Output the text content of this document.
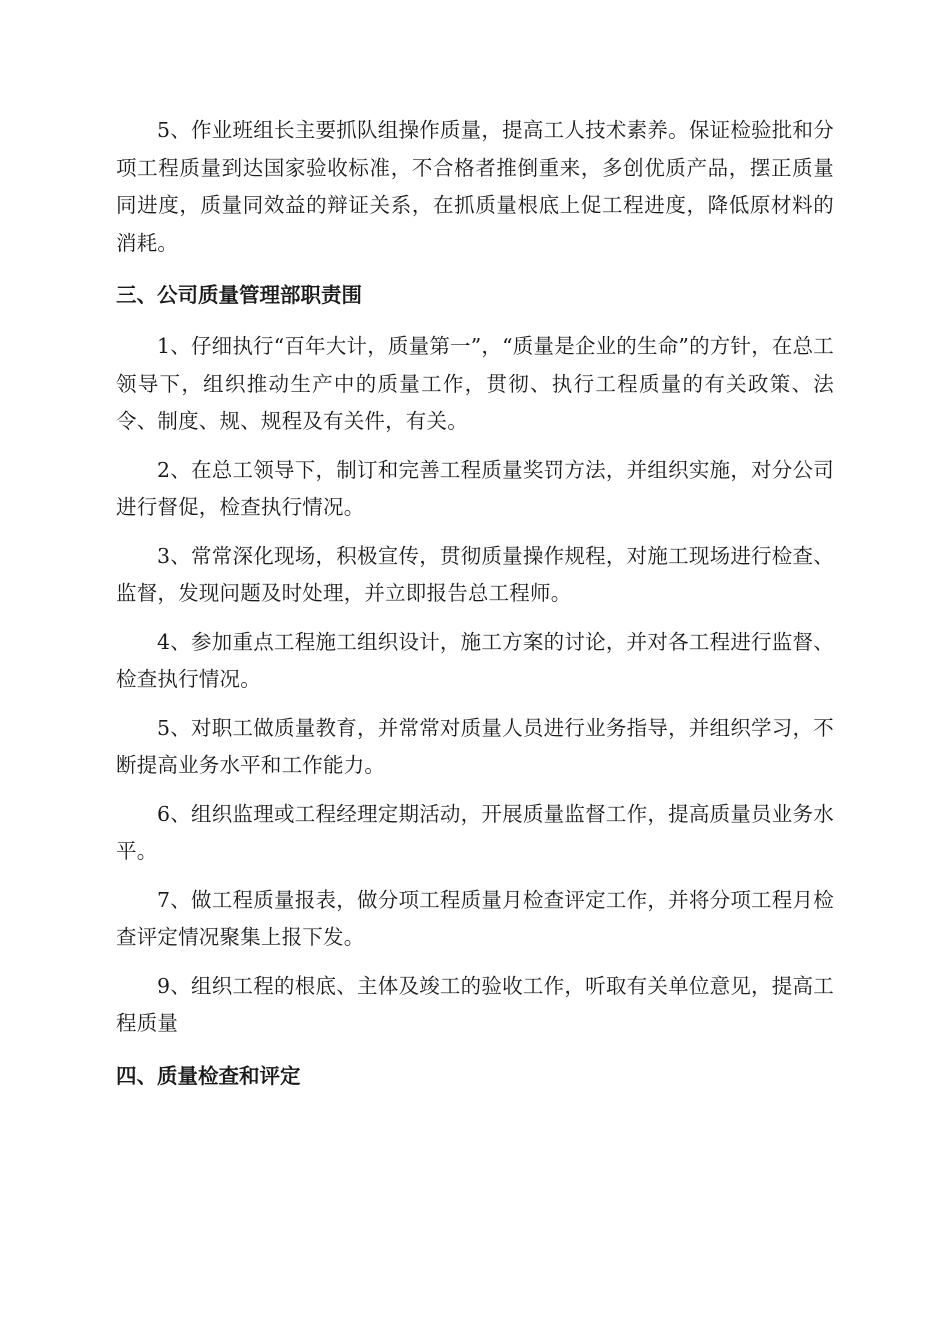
5、作业班组长主要抓队组操作质量，提高工人技术素养。保证检验批和分项工程质量到达国家验收标准，不合格者推倒重来，多创优质产品，摆正质量同进度，质量同效益的辩证关系，在抓质量根底上促工程进度，降低原材料的消耗。

三、公司质量管理部职责围

1、仔细执行“百年大计，质量第一”，“质量是企业的生命”的方针，在总工领导下，组织推动生产中的质量工作，贯彻、执行工程质量的有关政策、法令、制度、规、规程及有关件，有关。

2、在总工领导下，制订和完善工程质量奖罚方法，并组织实施，对分公司进行督促，检查执行情况。

3、常常深化现场，积极宣传，贯彻质量操作规程，对施工现场进行检查、监督，发现问题及时处理，并立即报告总工程师。

4、参加重点工程施工组织设计，施工方案的讨论，并对各工程进行监督、检查执行情况。

5、对职工做质量教育，并常常对质量人员进行业务指导，并组织学习，不断提高业务水平和工作能力。

6、组织监理或工程经理定期活动，开展质量监督工作，提高质量员业务水平。

7、做工程质量报表，做分项工程质量月检查评定工作，并将分项工程月检查评定情况聚集上报下发。

9、组织工程的根底、主体及竣工的验收工作，听取有关单位意见，提高工程质量

四、质量检查和评定
